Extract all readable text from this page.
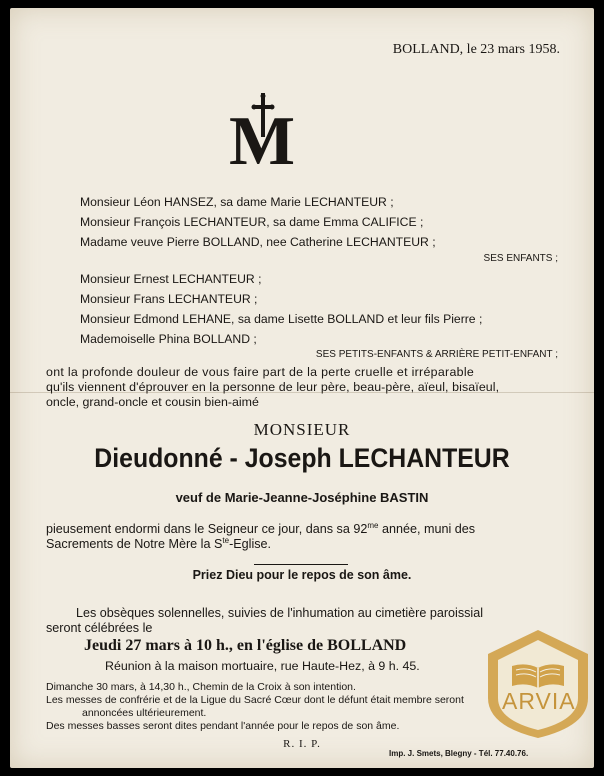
BOLLAND, le 23 mars 1958.
M
Monsieur Léon HANSEZ, sa dame Marie LECHANTEUR ;
Monsieur François LECHANTEUR, sa dame Emma CALIFICE ;
Madame veuve Pierre BOLLAND, nee Catherine LECHANTEUR ;
SES ENFANTS ;
Monsieur Ernest LECHANTEUR ;
Monsieur Frans LECHANTEUR ;
Monsieur Edmond LEHANE, sa dame Lisette BOLLAND et leur fils Pierre ;
Mademoiselle Phina BOLLAND ;
SES PETITS-ENFANTS & ARRIÈRE PETIT-ENFANT ;
ont la profonde douleur de vous faire part de la perte cruelle et irréparable
qu'ils viennent d'éprouver en la personne de leur père, beau-père, aïeul, bisaïeul,
oncle, grand-oncle et cousin bien-aimé
MONSIEUR
Dieudonné - Joseph LECHANTEUR
veuf de Marie-Jeanne-Joséphine BASTIN
pieusement endormi dans le Seigneur ce jour, dans sa $92^{me}$ année, muni des
Sacrements de Notre Mère la $S^{te}$-Eglise.
Priez Dieu pour le repos de son âme.
Les obsèques solennelles, suivies de l'inhumation au cimetière paroissial
seront célébrées le
Jeudi 27 mars à 10 h., en l'église de BOLLAND
Réunion à la maison mortuaire, rue Haute-Hez, à 9 h. 45.
Dimanche 30 mars, à 14,30 h., Chemin de la Croix à son intention.
Les messes de confrérie et de la Ligue du Sacré Cœur dont le défunt était membre seront
annoncées ultérieurement.
Des messes basses seront dites pendant l'année pour le repos de son âme.
R. I. P.
Imp. J. Smets, Blegny - Tél. 77.40.76.
ARVIA
